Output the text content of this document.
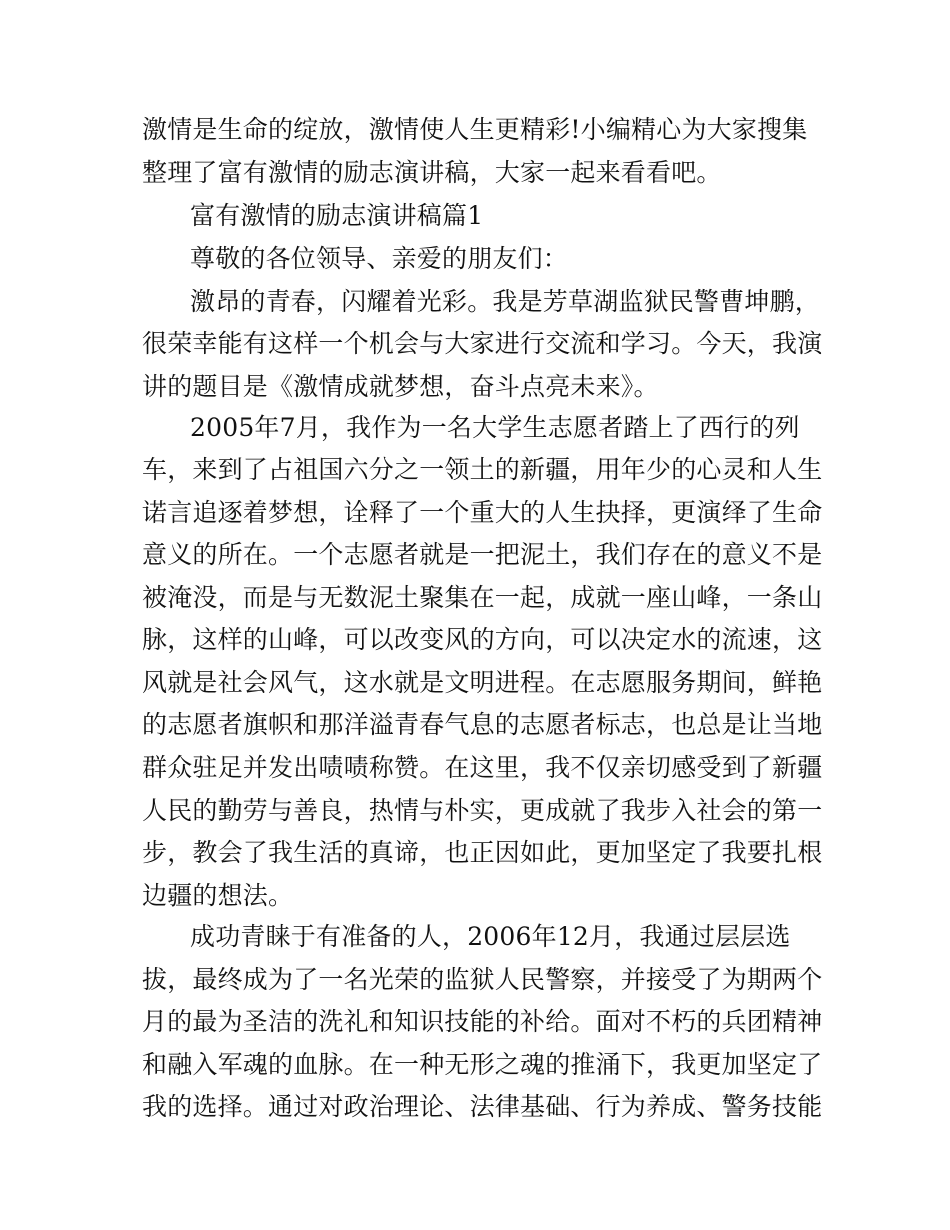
激情是生命的绽放，激情使人生更精彩!小编精心为大家搜集
整理了富有激情的励志演讲稿，大家一起来看看吧。
富有激情的励志演讲稿篇1
尊敬的各位领导、亲爱的朋友们：
激昂的青春，闪耀着光彩。我是芳草湖监狱民警曹坤鹏，
很荣幸能有这样一个机会与大家进行交流和学习。今天，我演
讲的题目是《激情成就梦想，奋斗点亮未来》。
2005年7月，我作为一名大学生志愿者踏上了西行的列
车，来到了占祖国六分之一领土的新疆，用年少的心灵和人生
诺言追逐着梦想，诠释了一个重大的人生抉择，更演绎了生命
意义的所在。一个志愿者就是一把泥土，我们存在的意义不是
被淹没，而是与无数泥土聚集在一起，成就一座山峰，一条山
脉，这样的山峰，可以改变风的方向，可以决定水的流速，这
风就是社会风气，这水就是文明进程。在志愿服务期间，鲜艳
的志愿者旗帜和那洋溢青春气息的志愿者标志，也总是让当地
群众驻足并发出啧啧称赞。在这里，我不仅亲切感受到了新疆
人民的勤劳与善良，热情与朴实，更成就了我步入社会的第一
步，教会了我生活的真谛，也正因如此，更加坚定了我要扎根
边疆的想法。
成功青睐于有准备的人，2006年12月，我通过层层选
拔，最终成为了一名光荣的监狱人民警察，并接受了为期两个
月的最为圣洁的洗礼和知识技能的补给。面对不朽的兵团精神
和融入军魂的血脉。在一种无形之魂的推涌下，我更加坚定了
我的选择。通过对政治理论、法律基础、行为养成、警务技能
